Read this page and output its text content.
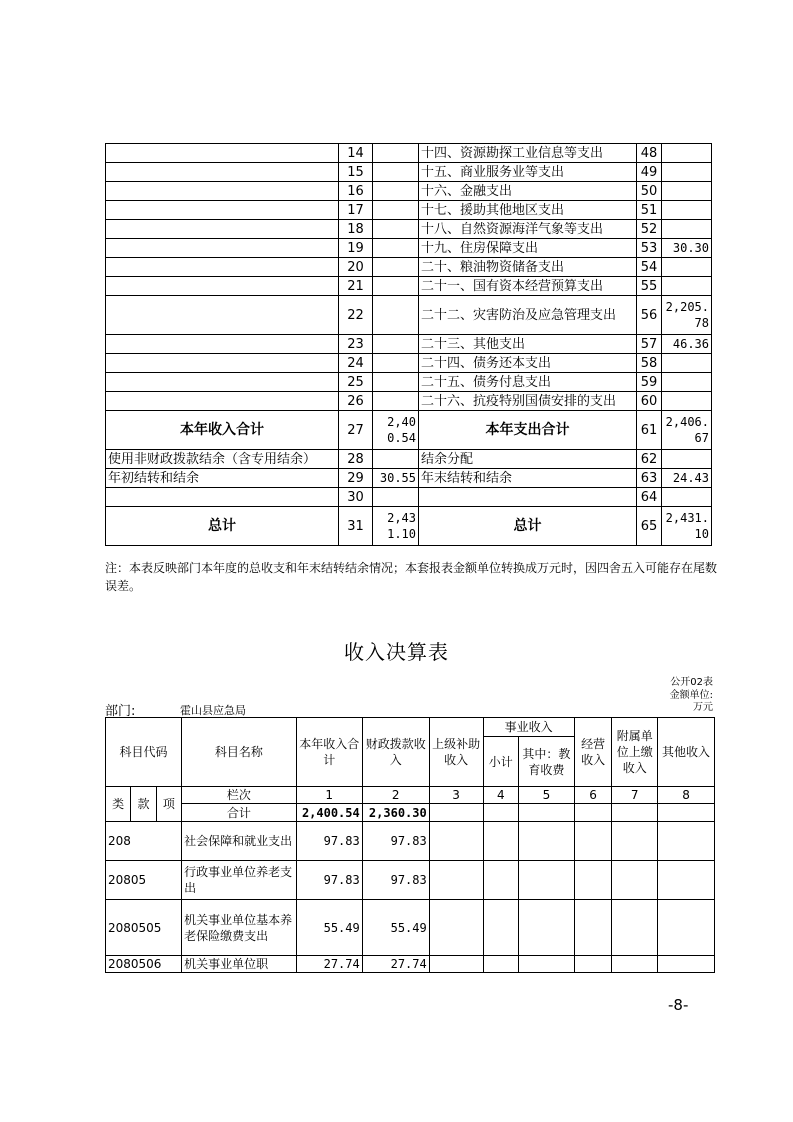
	14		十四、资源勘探工业信息等支出	48	
	15		十五、商业服务业等支出	49	
	16		十六、金融支出	50	
	17		十七、援助其他地区支出	51	
	18		十八、自然资源海洋气象等支出	52	
	19		十九、住房保障支出	53	30.30
	20		二十、粮油物资储备支出	54	
	21		二十一、国有资本经营预算支出	55	
	22		二十二、灾害防治及应急管理支出	56	2,205.78
	23		二十三、其他支出	57	46.36
	24		二十四、债务还本支出	58	
	25		二十五、债务付息支出	59	
	26		二十六、抗疫特别国债安排的支出	60	
本年收入合计	27	2,400.54	本年支出合计	61	2,406.67
使用非财政拨款结余（含专用结余）	28		结余分配	62	
年初结转和结余	29	30.55	年末结转和结余	63	24.43
	30			64	
总计	31	2,431.10	总计	65	2,431.10
注：本表反映部门本年度的总收支和年末结转结余情况；本套报表金额单位转换成万元时，因四舍五入可能存在尾数误差。
收入决算表
公开02表
金额单位:
万元
部门:	霍山县应急局
科目代码			科目名称	本年收入合计	财政拨款收入	上级补助收入	事业收入		经营收入	附属单位上缴收入	其他收入
							小计	其中：教育收费			

类	款	项	栏次	1	2	3	4	5	6	7	8
			合计	2,400.54	2,360.30						
208			社会保障和就业支出	97.83	97.83						
20805			行政事业单位养老支出	97.83	97.83						
2080505			机关事业单位基本养老保险缴费支出	55.49	55.49						
2080506			机关事业单位职	27.74	27.74						
-8-
